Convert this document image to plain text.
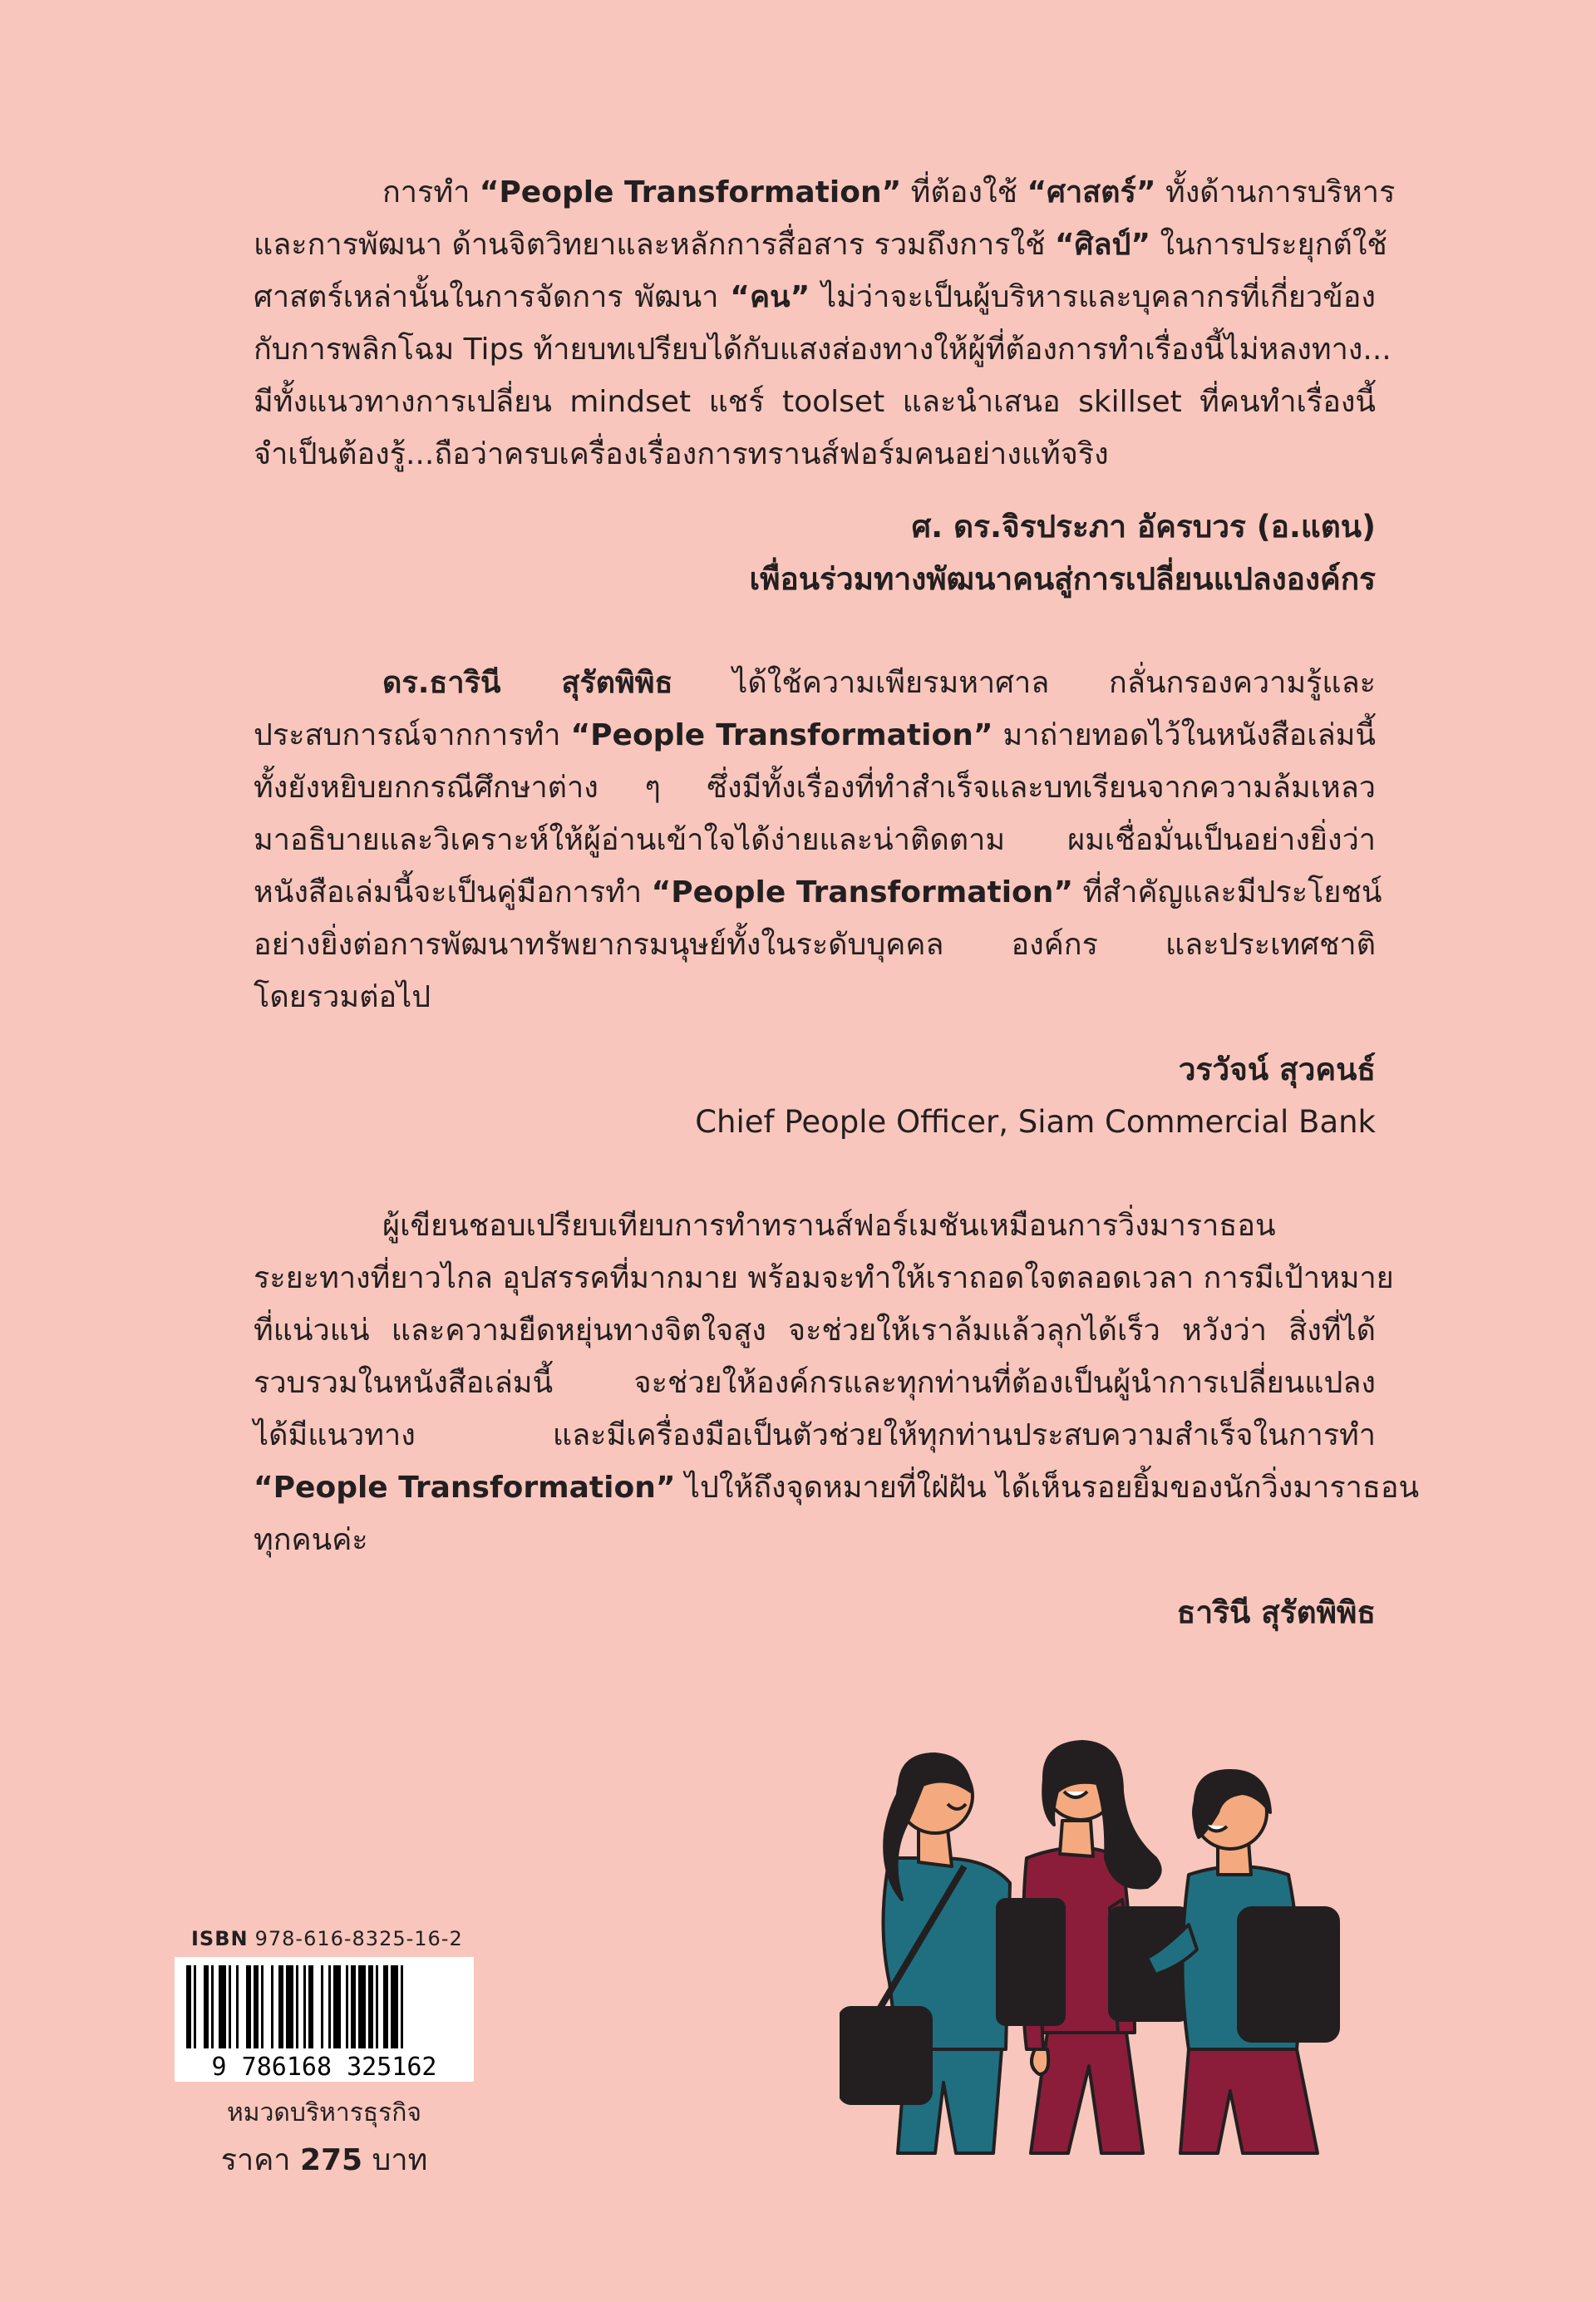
การทำ “People Transformation” ที่ต้องใช้ “ศาสตร์” ทั้งด้านการบริหาร
และการพัฒนา ด้านจิตวิทยาและหลักการสื่อสาร รวมถึงการใช้ “ศิลป์” ในการประยุกต์ใช้
ศาสตร์เหล่านั้นในการจัดการ พัฒนา “คน” ไม่ว่าจะเป็นผู้บริหารและบุคลากรที่เกี่ยวข้อง
กับการพลิกโฉม Tips ท้ายบทเปรียบได้กับแสงส่องทางให้ผู้ที่ต้องการทำเรื่องนี้ไม่หลงทาง...
มีทั้งแนวทางการเปลี่ยน mindset แชร์ toolset และนำเสนอ skillset ที่คนทำเรื่องนี้
จำเป็นต้องรู้...ถือว่าครบเครื่องเรื่องการทรานส์ฟอร์มคนอย่างแท้จริง

ศ. ดร.จิรประภา อัครบวร (อ.แตน)

เพื่อนร่วมทางพัฒนาคนสู่การเปลี่ยนแปลงองค์กร

ดร.ธารินี สุรัตพิพิธ ได้ใช้ความเพียรมหาศาล กลั่นกรองความรู้และ
ประสบการณ์จากการทำ “People Transformation” มาถ่ายทอดไว้ในหนังสือเล่มนี้
ทั้งยังหยิบยกกรณีศึกษาต่าง ๆ ซึ่งมีทั้งเรื่องที่ทำสำเร็จและบทเรียนจากความล้มเหลว
มาอธิบายและวิเคราะห์ให้ผู้อ่านเข้าใจได้ง่ายและน่าติดตาม ผมเชื่อมั่นเป็นอย่างยิ่งว่า
หนังสือเล่มนี้จะเป็นคู่มือการทำ “People Transformation” ที่สำคัญและมีประโยชน์
อย่างยิ่งต่อการพัฒนาทรัพยากรมนุษย์ทั้งในระดับบุคคล องค์กร และประเทศชาติ
โดยรวมต่อไป

วรวัจน์ สุวคนธ์

Chief People Officer, Siam Commercial Bank

ผู้เขียนชอบเปรียบเทียบการทำทรานส์ฟอร์เมชันเหมือนการวิ่งมาราธอน
ระยะทางที่ยาวไกล อุปสรรคที่มากมาย พร้อมจะทำให้เราถอดใจตลอดเวลา การมีเป้าหมาย
ที่แน่วแน่ และความยืดหยุ่นทางจิตใจสูง จะช่วยให้เราล้มแล้วลุกได้เร็ว หวังว่า สิ่งที่ได้
รวบรวมในหนังสือเล่มนี้ จะช่วยให้องค์กรและทุกท่านที่ต้องเป็นผู้นำการเปลี่ยนแปลง
ได้มีแนวทาง และมีเครื่องมือเป็นตัวช่วยให้ทุกท่านประสบความสำเร็จในการทำ
“People Transformation” ไปให้ถึงจุดหมายที่ใฝ่ฝัน ได้เห็นรอยยิ้มของนักวิ่งมาราธอน
ทุกคนค่ะ

ธารินี สุรัตพิพิธ

ISBN 978-616-8325-16-2
9 786168 325162
หมวดบริหารธุรกิจ
ราคา 275 บาท
